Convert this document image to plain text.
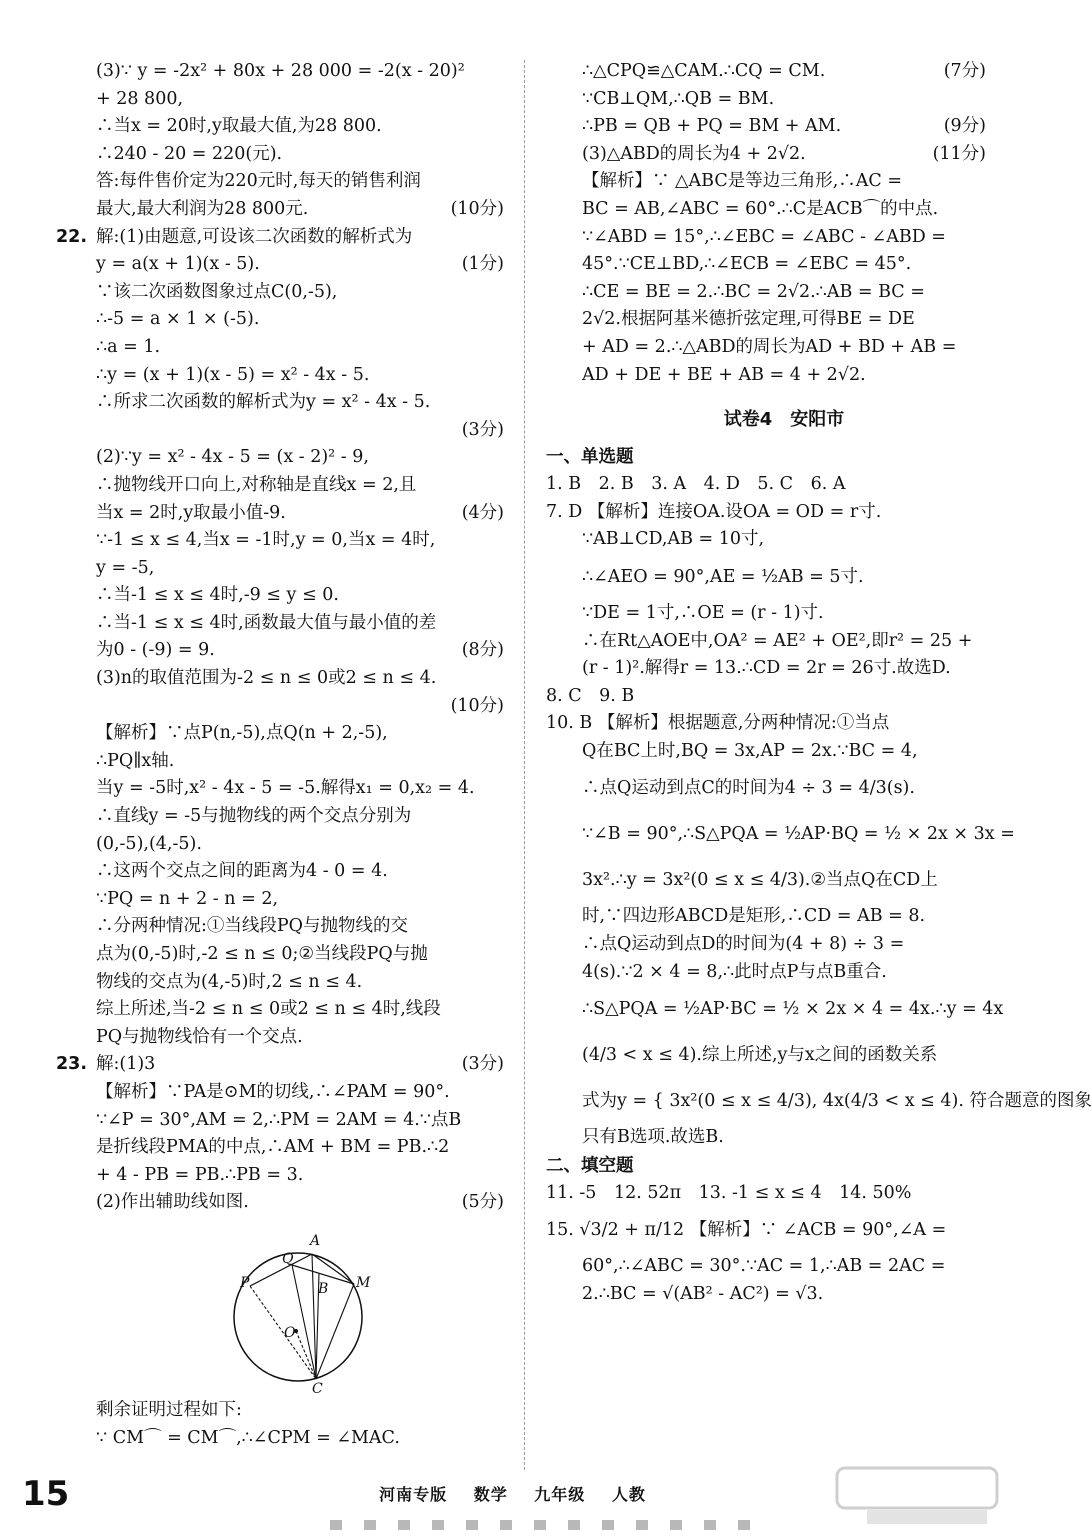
(3)∵ y = -2x² + 80x + 28 000 = -2(x - 20)²
+ 28 800,
∴当x = 20时,y取最大值,为28 800.
∴240 - 20 = 220(元).
答:每件售价定为220元时,每天的销售利润
最大,最大利润为28 800元.	(10分)
22. 解:(1)由题意,可设该二次函数的解析式为
y = a(x + 1)(x - 5).	(1分)
∵该二次函数图象过点C(0,-5),
∴-5 = a × 1 × (-5).
∴a = 1.
∴y = (x + 1)(x - 5) = x² - 4x - 5.
∴所求二次函数的解析式为y = x² - 4x - 5.
(3分)
(2)∵y = x² - 4x - 5 = (x - 2)² - 9,
∴抛物线开口向上,对称轴是直线x = 2,且
当x = 2时,y取最小值-9.	(4分)
∵-1 ≤ x ≤ 4,当x = -1时,y = 0,当x = 4时,
y = -5,
∴当-1 ≤ x ≤ 4时,-9 ≤ y ≤ 0.
∴当-1 ≤ x ≤ 4时,函数最大值与最小值的差
为0 - (-9) = 9.	(8分)
(3)n的取值范围为-2 ≤ n ≤ 0或2 ≤ n ≤ 4.
(10分)
【解析】∵点P(n,-5),点Q(n + 2,-5),
∴PQ∥x轴.
当y = -5时,x² - 4x - 5 = -5.解得x₁ = 0,x₂ = 4.
∴直线y = -5与抛物线的两个交点分别为
(0,-5),(4,-5).
∴这两个交点之间的距离为4 - 0 = 4.
∵PQ = n + 2 - n = 2,
∴分两种情况:①当线段PQ与抛物线的交
点为(0,-5)时,-2 ≤ n ≤ 0;②当线段PQ与抛
物线的交点为(4,-5)时,2 ≤ n ≤ 4.
综上所述,当-2 ≤ n ≤ 0或2 ≤ n ≤ 4时,线段
PQ与抛物线恰有一个交点.
23. 解:(1)3	(3分)
【解析】∵PA是⊙M的切线,∴∠PAM = 90°.
∵∠P = 30°,AM = 2,∴PM = 2AM = 4.∵点B
是折线段PMA的中点,∴AM + BM = PB.∴2
+ 4 - PB = PB.∴PB = 3.
(2)作出辅助线如图.	(5分)
A
Q
P	B M
O
C
剩余证明过程如下:
∵ CM⌒ = CM⌒,∴∠CPM = ∠MAC.
∴△CPQ≌△CAM.∴CQ = CM.	(7分)
∵CB⊥QM,∴QB = BM.
∴PB = QB + PQ = BM + AM.	(9分)
(3)△ABD的周长为4 + 2√2.	(11分)
【解析】∵ △ABC是等边三角形,∴AC =
BC = AB,∠ABC = 60°.∴C是ACB⌒的中点.
∵∠ABD = 15°,∴∠EBC = ∠ABC - ∠ABD =
45°.∵CE⊥BD,∴∠ECB = ∠EBC = 45°.
∴CE = BE = 2.∴BC = 2√2.∴AB = BC =
2√2.根据阿基米德折弦定理,可得BE = DE
+ AD = 2.∴△ABD的周长为AD + BD + AB =
AD + DE + BE + AB = 4 + 2√2.
试卷4　安阳市
一、单选题
1. B　2. B　3. A　4. D　5. C　6. A
7. D 【解析】连接OA.设OA = OD = r寸.
∵AB⊥CD,AB = 10寸,
∴∠AEO = 90°,AE = ½AB = 5寸.
∵DE = 1寸,∴OE = (r - 1)寸.
∴在Rt△AOE中,OA² = AE² + OE²,即r² = 25 +
(r - 1)².解得r = 13.∴CD = 2r = 26寸.故选D.
8. C　9. B
10. B 【解析】根据题意,分两种情况:①当点
Q在BC上时,BQ = 3x,AP = 2x.∵BC = 4,
∴点Q运动到点C的时间为4 ÷ 3 = 4/3(s).
∵∠B = 90°,∴S△PQA = ½AP·BQ = ½ × 2x × 3x =
3x².∴y = 3x²(0 ≤ x ≤ 4/3).②当点Q在CD上
时,∵四边形ABCD是矩形,∴CD = AB = 8.
∴点Q运动到点D的时间为(4 + 8) ÷ 3 =
4(s).∵2 × 4 = 8,∴此时点P与点B重合.
∴S△PQA = ½AP·BC = ½ × 2x × 4 = 4x.∴y = 4x
(4/3 < x ≤ 4).综上所述,y与x之间的函数关系
式为y = { 3x²(0 ≤ x ≤ 4/3), 4x(4/3 < x ≤ 4). 符合题意的图象
只有B选项.故选B.
二、填空题
11. -5　12. 52π　13. -1 ≤ x ≤ 4　14. 50%
15. √3/2 + π/12 【解析】∵ ∠ACB = 90°,∠A =
60°,∴∠ABC = 30°.∵AC = 1,∴AB = 2AC =
2.∴BC = √(AB² - AC²) = √3.
15	河南专版 数学 九年级 人教
